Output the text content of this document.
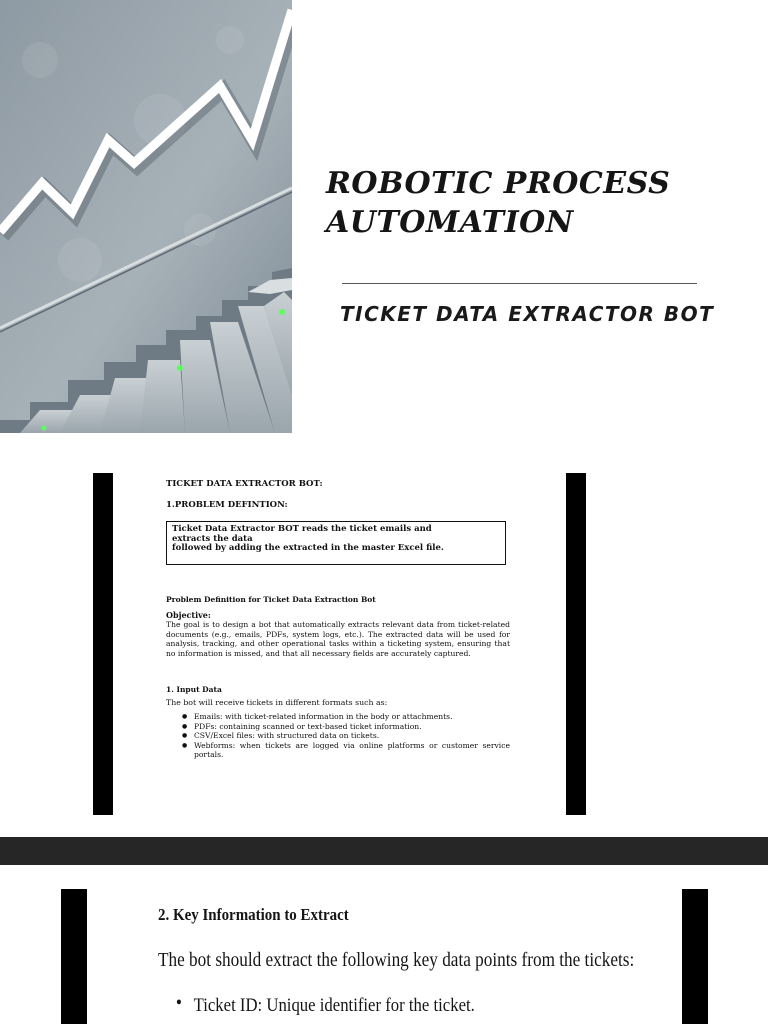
ROBOTIC PROCESS
AUTOMATION
TICKET DATA EXTRACTOR BOT

TICKET DATA EXTRACTOR BOT:

1.PROBLEM DEFINTION:

Ticket Data Extractor BOT reads the ticket emails and
extracts the data
followed by adding the extracted in the master Excel file.

Problem Definition for Ticket Data Extraction Bot

Objective:

The goal is to design a bot that automatically extracts relevant data from ticket-related documents (e.g., emails, PDFs, system logs, etc.). The extracted data will be used for analysis, tracking, and other operational tasks within a ticketing system, ensuring that no information is missed, and that all necessary fields are accurately captured.

1. Input Data

The bot will receive tickets in different formats such as:

● Emails: with ticket-related information in the body or attachments.
● PDFs: containing scanned or text-based ticket information.
● CSV/Excel files: with structured data on tickets.
● Webforms: when tickets are logged via online platforms or customer service portals.

2. Key Information to Extract

The bot should extract the following key data points from the tickets:

● Ticket ID: Unique identifier for the ticket.
